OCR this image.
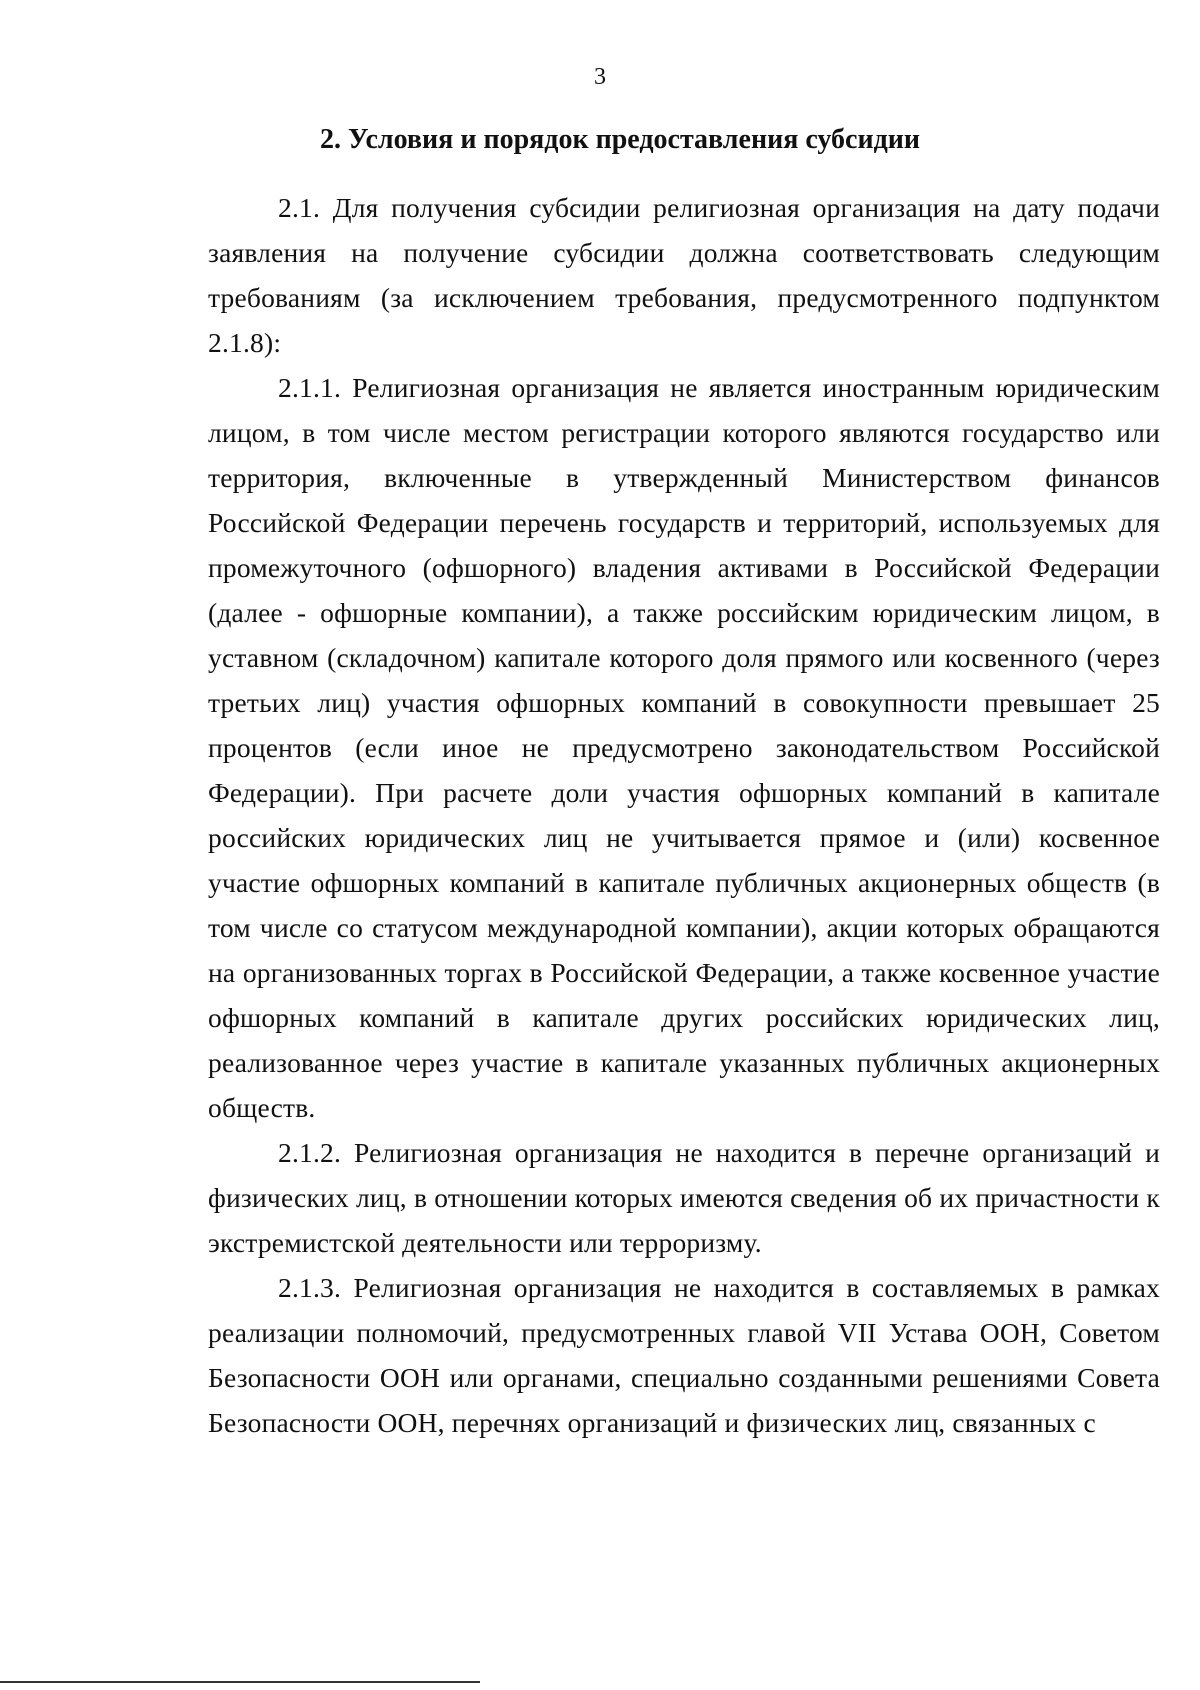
3
2. Условия и порядок предоставления субсидии

2.1. Для получения субсидии религиозная организация на дату подачи заявления на получение субсидии должна соответствовать следующим требованиям (за исключением требования, предусмотренного подпунктом 2.1.8):

2.1.1. Религиозная организация не является иностранным юридическим лицом, в том числе местом регистрации которого являются государство или территория, включенные в утвержденный Министерством финансов Российской Федерации перечень государств и территорий, используемых для промежуточного (офшорного) владения активами в Российской Федерации (далее - офшорные компании), а также российским юридическим лицом, в уставном (складочном) капитале которого доля прямого или косвенного (через третьих лиц) участия офшорных компаний в совокупности превышает 25 процентов (если иное не предусмотрено законодательством Российской Федерации). При расчете доли участия офшорных компаний в капитале российских юридических лиц не учитывается прямое и (или) косвенное участие офшорных компаний в капитале публичных акционерных обществ (в том числе со статусом международной компании), акции которых обращаются на организованных торгах в Российской Федерации, а также косвенное участие офшорных компаний в капитале других российских юридических лиц, реализованное через участие в капитале указанных публичных акционерных обществ.

2.1.2. Религиозная организация не находится в перечне организаций и физических лиц, в отношении которых имеются сведения об их причастности к экстремистской деятельности или терроризму.

2.1.3. Религиозная организация не находится в составляемых в рамках реализации полномочий, предусмотренных главой VII Устава ООН, Советом Безопасности ООН или органами, специально созданными решениями Совета Безопасности ООН, перечнях организаций и физических лиц, связанных с
